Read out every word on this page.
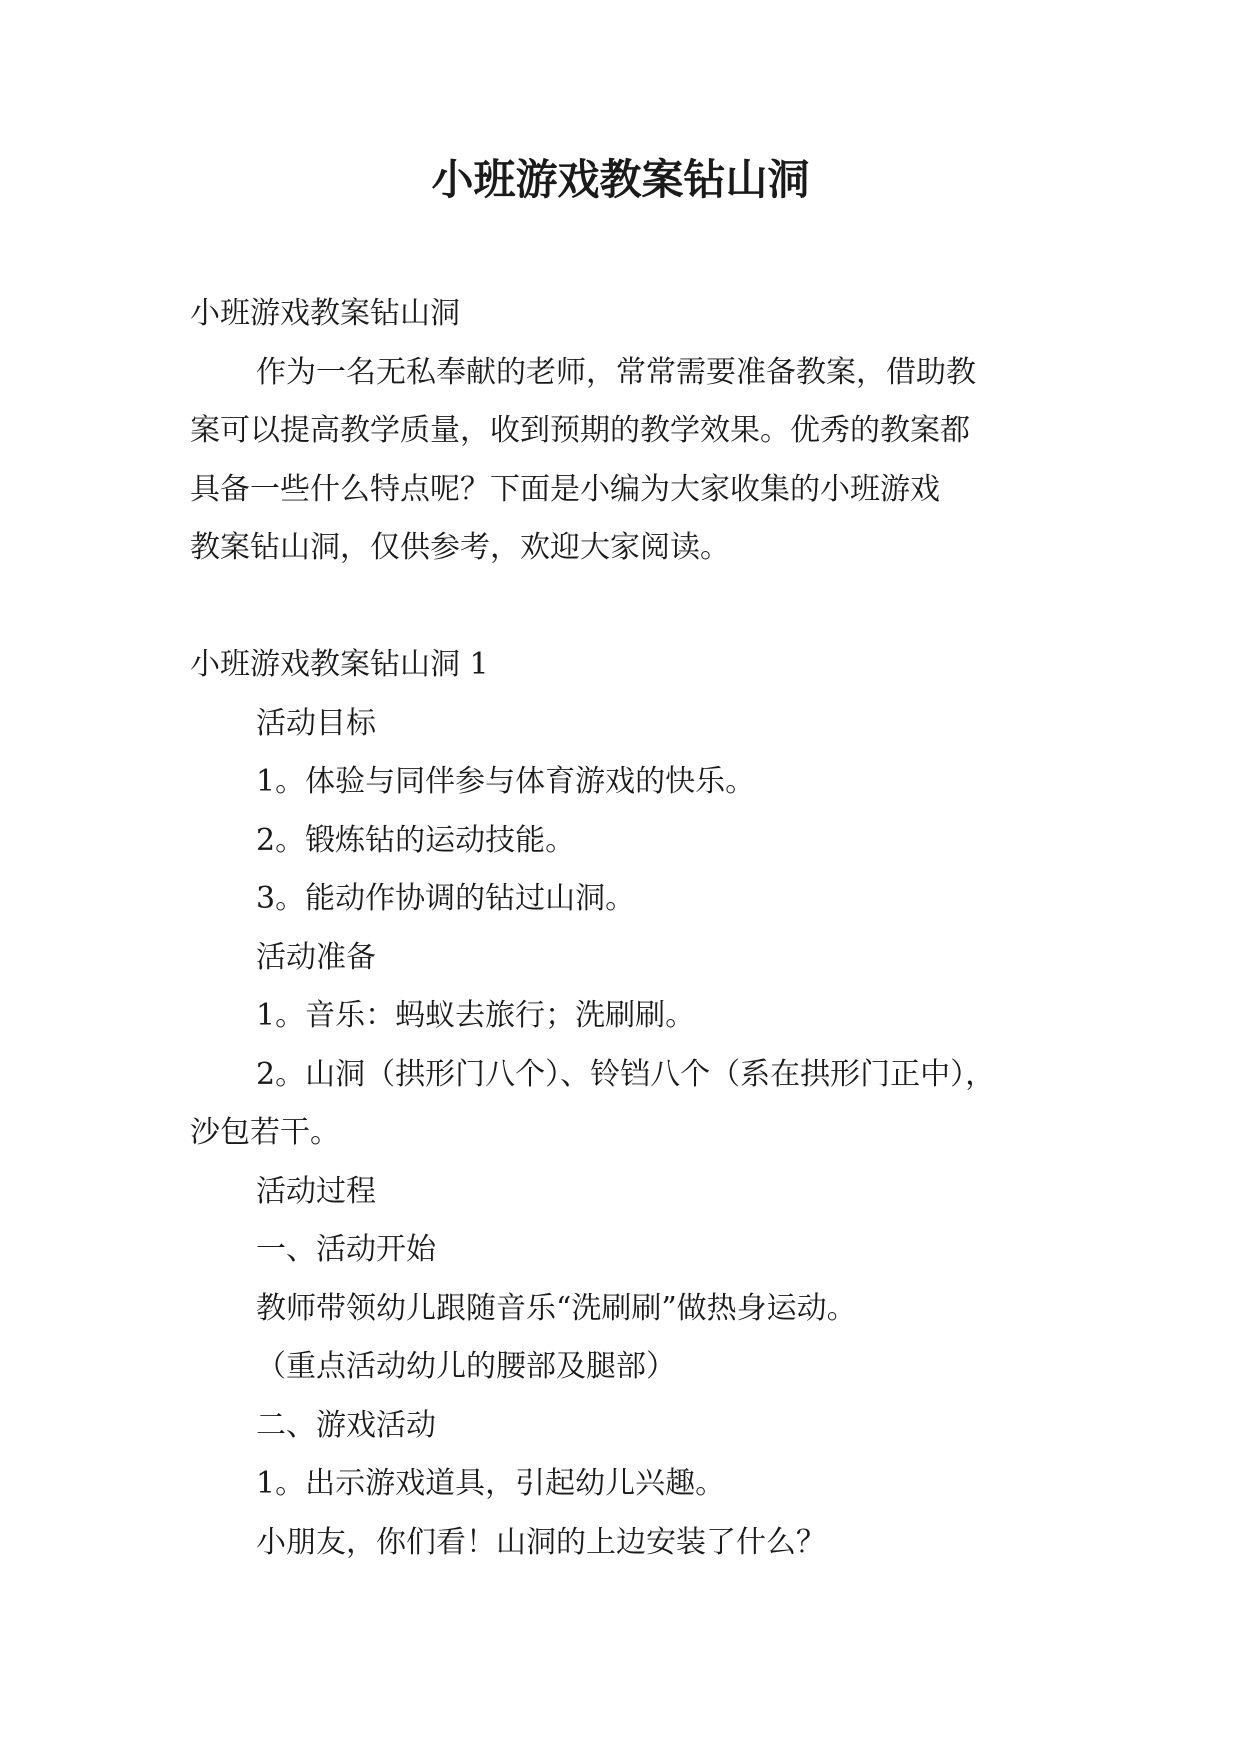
小班游戏教案钻山洞

小班游戏教案钻山洞

作为一名无私奉献的老师，常常需要准备教案，借助教

案可以提高教学质量，收到预期的教学效果。优秀的教案都

具备一些什么特点呢？下面是小编为大家收集的小班游戏

教案钻山洞，仅供参考，欢迎大家阅读。

小班游戏教案钻山洞 1

活动目标

1。体验与同伴参与体育游戏的快乐。

2。锻炼钻的运动技能。

3。能动作协调的钻过山洞。

活动准备

1。音乐：蚂蚁去旅行；洗刷刷。

2。山洞（拱形门八个）、铃铛八个（系在拱形门正中），

沙包若干。

活动过程

一、活动开始

教师带领幼儿跟随音乐“洗刷刷”做热身运动。

（重点活动幼儿的腰部及腿部）

二、游戏活动

1。出示游戏道具，引起幼儿兴趣。

小朋友，你们看！山洞的上边安装了什么？
